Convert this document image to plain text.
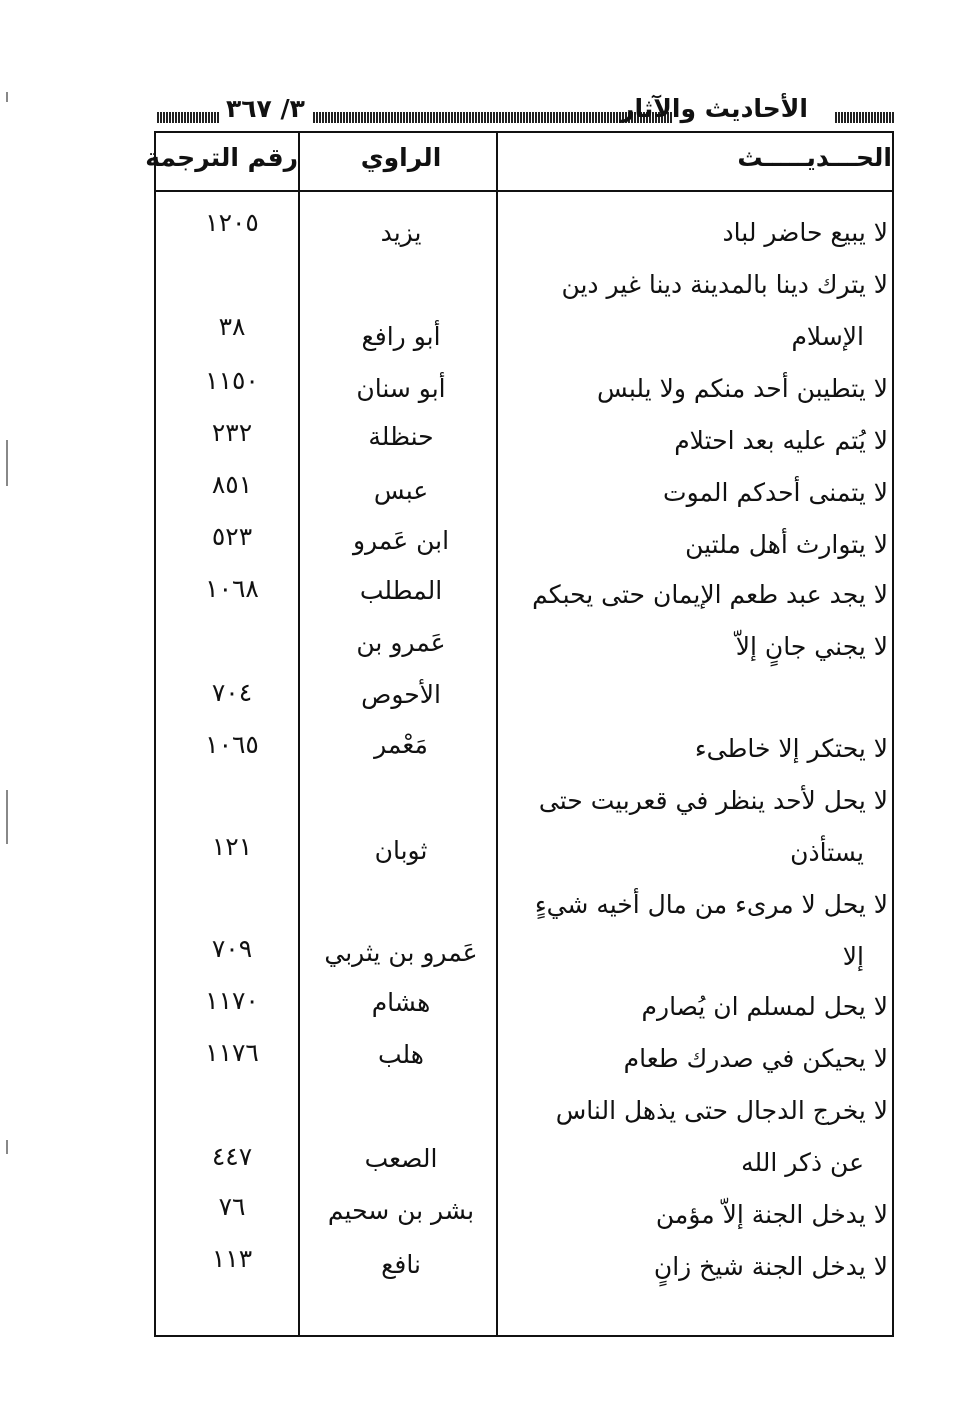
٣/ ٣٦٧	الأحاديث والآثار
الحـــديـــــث
الراوي
رقم الترجمة
لا يبيع حاضر لباد
يزيد
١٢٠٥
لا يترك دينا بالمدينة دينا غير دين
الإسلام
أبو رافع
٣٨
لا يتطيبن أحد منكم ولا يلبس
أبو سنان
١١٥٠
لا يُتم عليه بعد احتلام
حنظلة
٢٣٢
لا يتمنى أحدكم الموت
عبس
٨٥١
لا يتوارث أهل ملتين
ابن عَمرو
٥٢٣
لا يجد عبد طعم الإيمان حتى يحبكم
المطلب
١٠٦٨
لا يجني جانٍ إلاّ
عَمرو بن
الأحوص
٧٠٤
لا يحتكر إلا خاطىء
مَعْمر
١٠٦٥
لا يحل لأحد ينظر في قعربيت حتى
يستأذن
ثوبان
١٢١
لا يحل لا مرىء من مال أخيه شيءٍ
إلا
عَمرو بن يثربي
٧٠٩
لا يحل لمسلم ان يُصارم
هشام
١١٧٠
لا يحيكن في صدرك طعام
هلب
١١٧٦
لا يخرج الدجال حتى يذهل الناس
عن ذكر الله
الصعب
٤٤٧
لا يدخل الجنة إلاّ مؤمن
بشر بن سحيم
٧٦
لا يدخل الجنة شيخ زانٍ
نافع
١١٣
